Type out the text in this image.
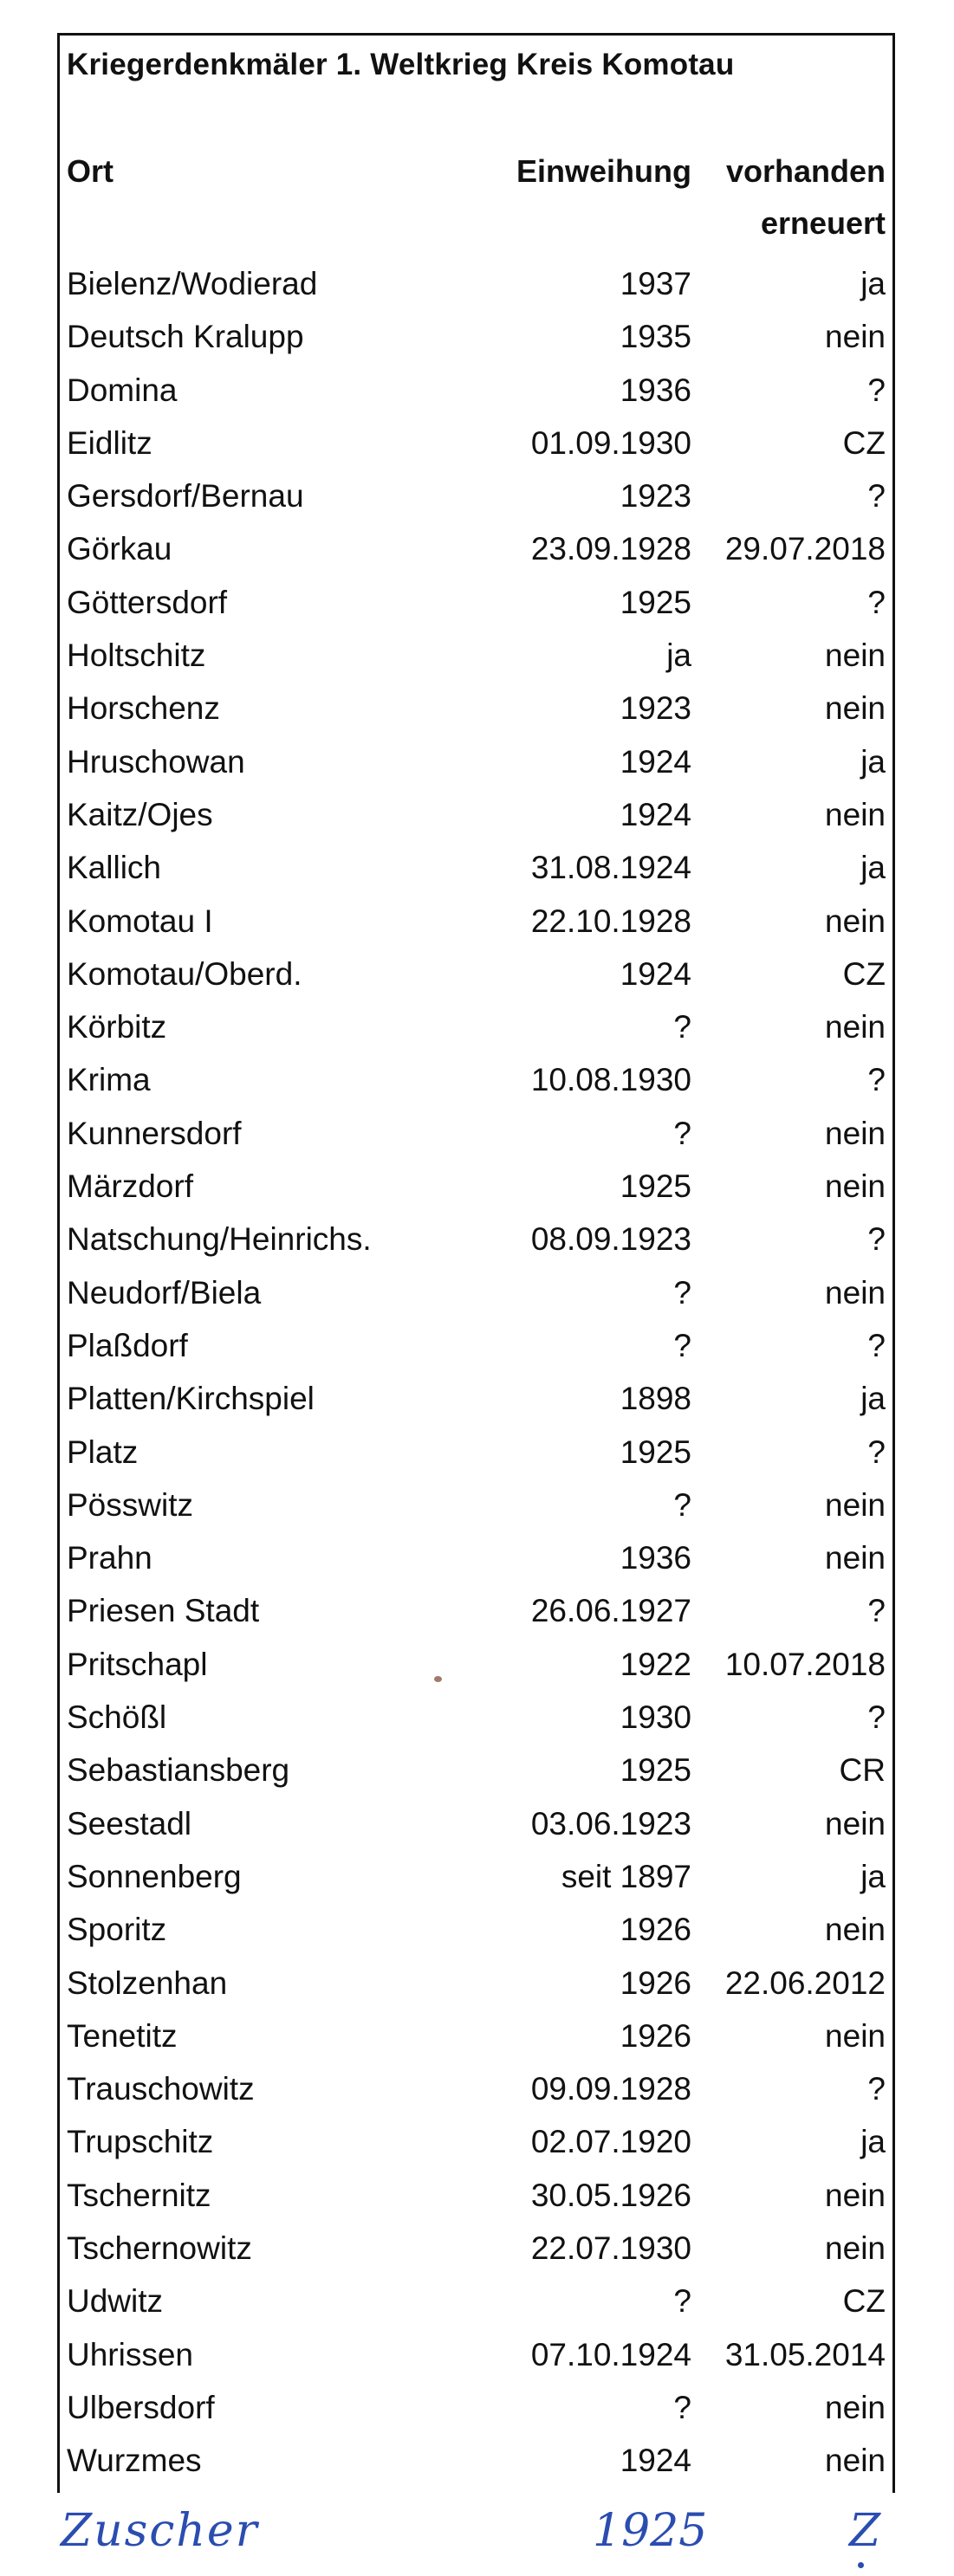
Kriegerdenkmäler 1. Weltkrieg Kreis Komotau
Ort	Einweihung vorhanden
erneuert
Bielenz/Wodierad	1937	ja
Deutsch Kralupp	1935	nein
Domina	1936	?
Eidlitz	01.09.1930	CZ
Gersdorf/Bernau	1923	?
Görkau	23.09.1928 29.07.2018
Göttersdorf	1925	?
Holtschitz	ja	nein
Horschenz	1923	nein
Hruschowan	1924	ja
Kaitz/Ojes	1924	nein
Kallich	31.08.1924	ja
Komotau I	22.10.1928	nein
Komotau/Oberd.	1924	CZ
Körbitz	?	nein
Krima	10.08.1930	?
Kunnersdorf	?	nein
Märzdorf	1925	nein
Natschung/Heinrichs.	08.09.1923	?
Neudorf/Biela	?	nein
Plaßdorf	?	?
Platten/Kirchspiel	1898	ja
Platz	1925	?
Pösswitz	?	nein
Prahn	1936	nein
Priesen Stadt	26.06.1927	?
Pritschapl	1922 10.07.2018
Schößl	1930	?
Sebastiansberg	1925	CR
Seestadl	03.06.1923	nein
Sonnenberg	seit 1897	ja
Sporitz	1926	nein
Stolzenhan	1926 22.06.2012
Tenetitz	1926	nein
Trauschowitz	09.09.1928	?
Trupschitz	02.07.1920	ja
Tschernitz	30.05.1926	nein
Tschernowitz	22.07.1930	nein
Udwitz	?	CZ
Uhrissen	07.10.1924 31.05.2014
Ulbersdorf	?	nein
Wurzmes	1924	nein
Zuscher	1925	Z
